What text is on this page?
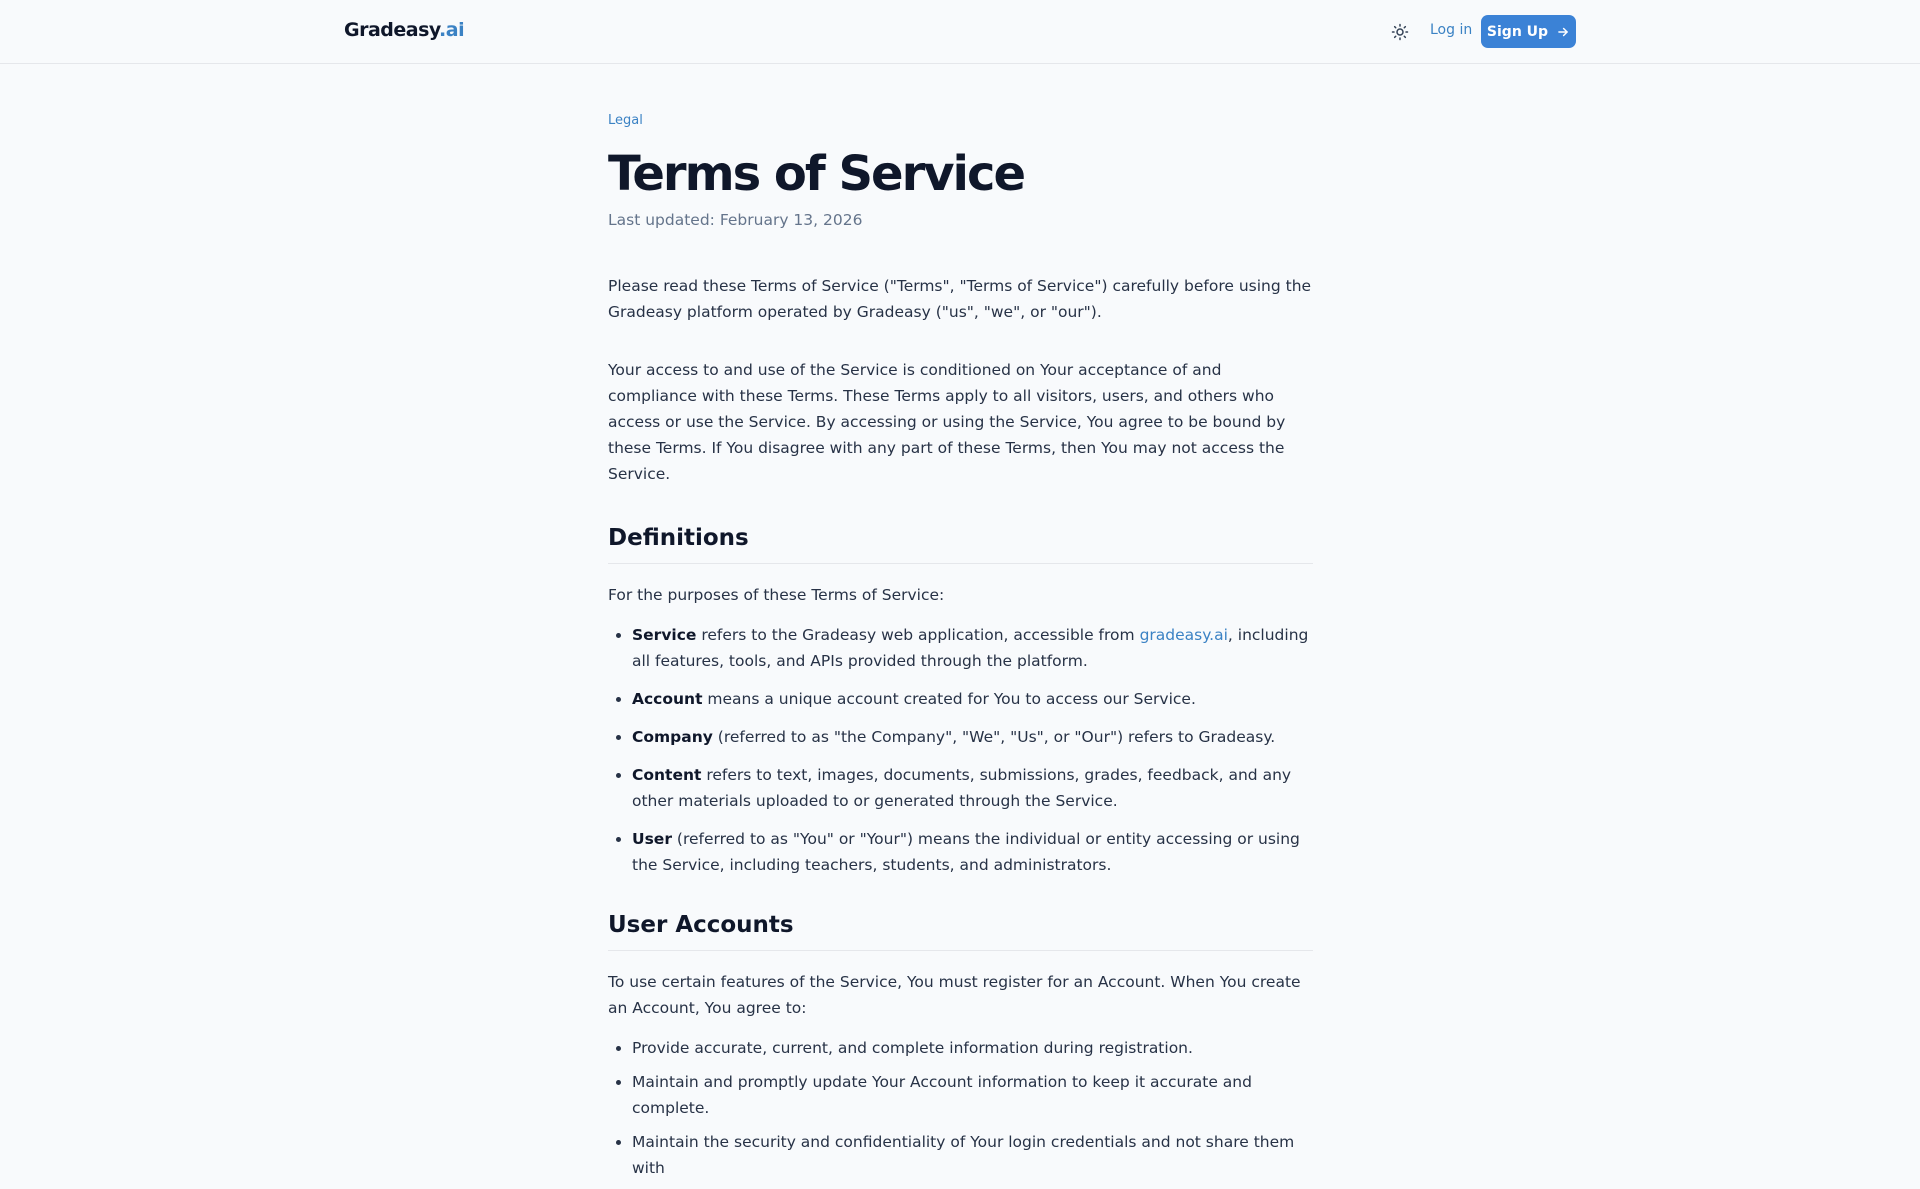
Gradeasy.ai	Log in Sign Up

Legal

Terms of Service

Last updated: February 13, 2026

Please read these Terms of Service ("Terms", "Terms of Service") carefully before using the Gradeasy platform operated by Gradeasy ("us", "we", or "our").

Your access to and use of the Service is conditioned on Your acceptance of and compliance with these Terms. These Terms apply to all visitors, users, and others who access or use the Service. By accessing or using the Service, You agree to be bound by these Terms. If You disagree with any part of these Terms, then You may not access the Service.

Definitions

For the purposes of these Terms of Service:

• Service refers to the Gradeasy web application, accessible from gradeasy.ai, including all features, tools, and APIs provided through the platform.
• Account means a unique account created for You to access our Service.
• Company (referred to as "the Company", "We", "Us", or "Our") refers to Gradeasy.
• Content refers to text, images, documents, submissions, grades, feedback, and any other materials uploaded to or generated through the Service.
• User (referred to as "You" or "Your") means the individual or entity accessing or using the Service, including teachers, students, and administrators.
User Accounts

To use certain features of the Service, You must register for an Account. When You create an Account, You agree to:

• Provide accurate, current, and complete information during registration.
• Maintain and promptly update Your Account information to keep it accurate and complete.
• Maintain the security and confidentiality of Your login credentials and not share them with
